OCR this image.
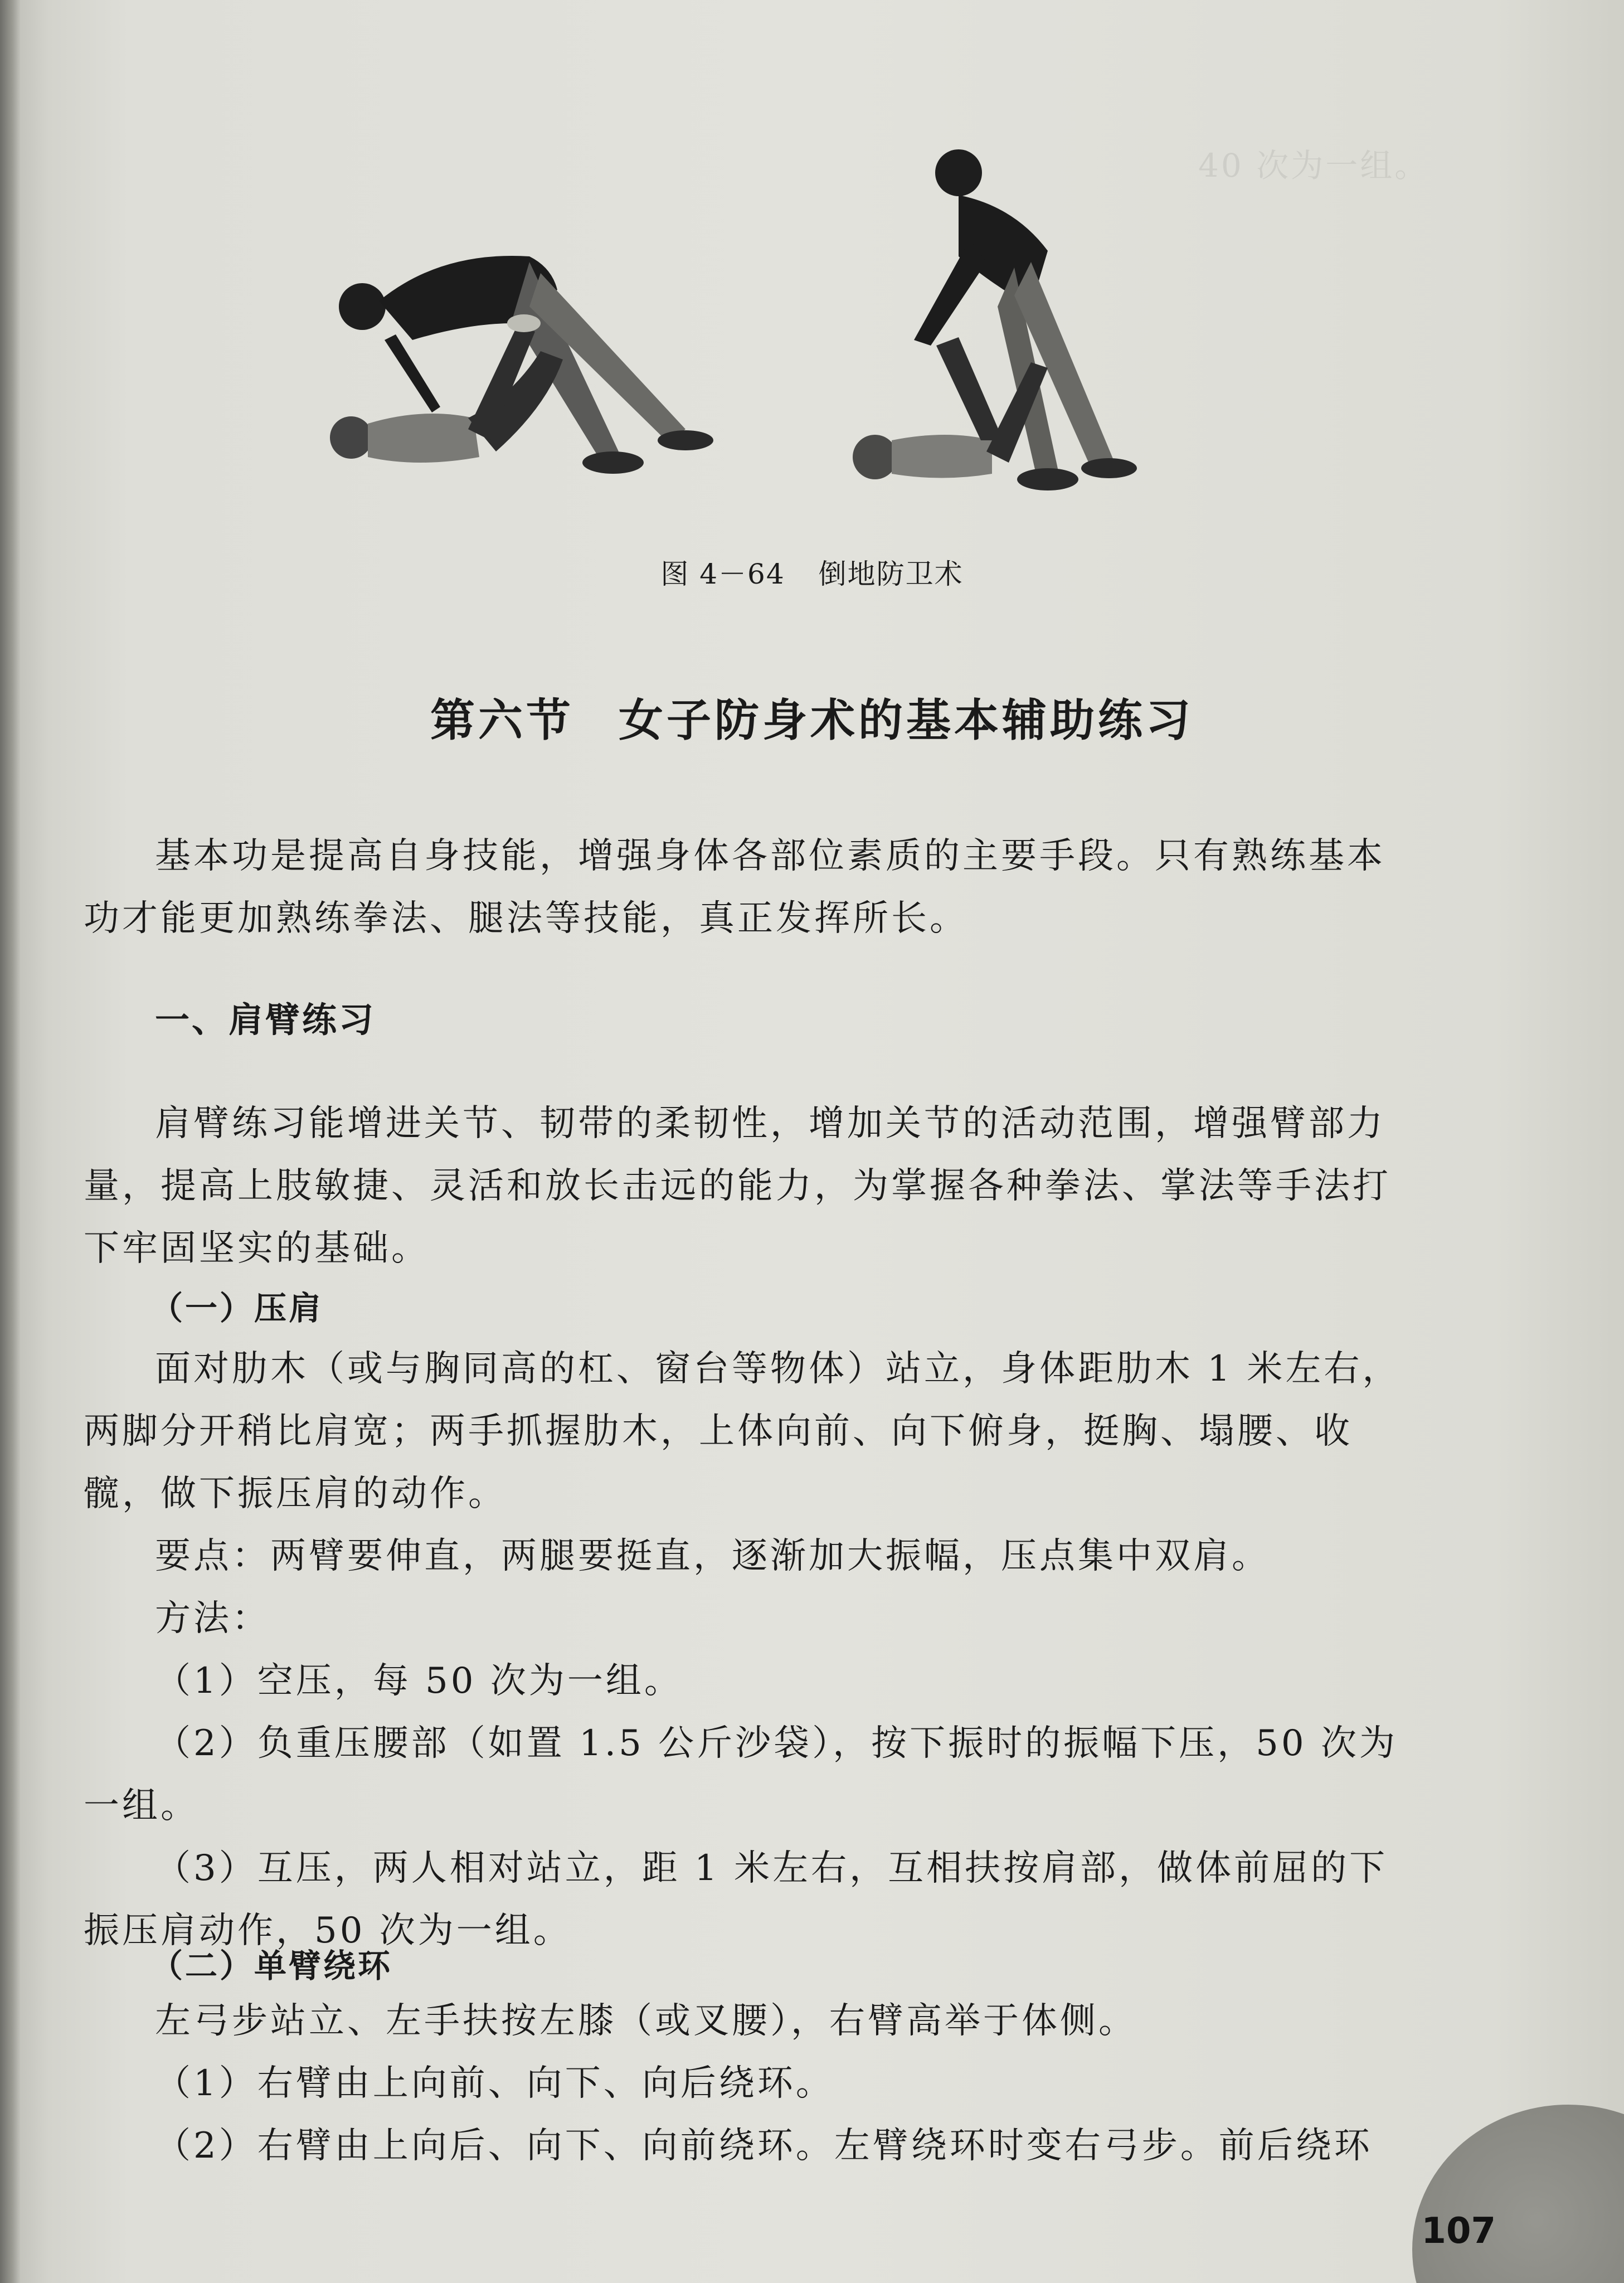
40 次为一组。
图 4－64 倒地防卫术
第六节 女子防身术的基本辅助练习

基本功是提高自身技能，增强身体各部位素质的主要手段。只有熟练基本

功才能更加熟练拳法、腿法等技能，真正发挥所长。

一、肩臂练习

肩臂练习能增进关节、韧带的柔韧性，增加关节的活动范围，增强臂部力

量，提高上肢敏捷、灵活和放长击远的能力，为掌握各种拳法、掌法等手法打

下牢固坚实的基础。

（一）压肩

面对肋木（或与胸同高的杠、窗台等物体）站立，身体距肋木 1 米左右，

两脚分开稍比肩宽；两手抓握肋木，上体向前、向下俯身，挺胸、塌腰、收

髋，做下振压肩的动作。

要点：两臂要伸直，两腿要挺直，逐渐加大振幅，压点集中双肩。

方法：

（1）空压，每 50 次为一组。

（2）负重压腰部（如置 1.5 公斤沙袋），按下振时的振幅下压，50 次为

一组。

（3）互压，两人相对站立，距 1 米左右，互相扶按肩部，做体前屈的下

振压肩动作，50 次为一组。

（二）单臂绕环

左弓步站立、左手扶按左膝（或叉腰），右臂高举于体侧。

（1）右臂由上向前、向下、向后绕环。

（2）右臂由上向后、向下、向前绕环。左臂绕环时变右弓步。前后绕环

107
